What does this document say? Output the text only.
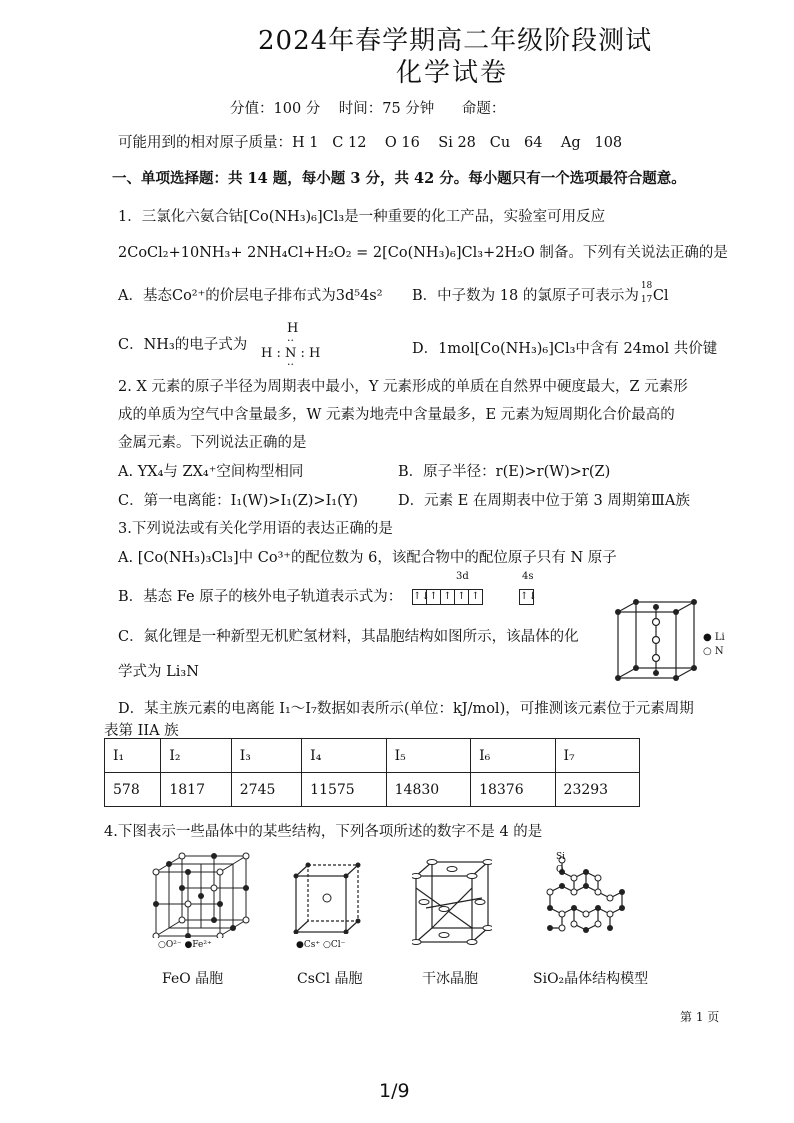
2024年春学期高二年级阶段测试
化学试卷
分值：100 分    时间：75 分钟      命题：
可能用到的相对原子质量：H 1   C 12    O 16    Si 28   Cu   64    Ag   108
一、单项选择题：共 14 题，每小题 3 分，共 42 分。每小题只有一个选项最符合题意。
1．三氯化六氨合钴[Co(NH₃)₆]Cl₃是一种重要的化工产品，实验室可用反应
2CoCl₂+10NH₃+ 2NH₄Cl+H₂O₂ = 2[Co(NH₃)₆]Cl₃+2H₂O 制备。下列有关说法正确的是
A．基态Co²⁺的价层电子排布式为3d⁵4s² B．中子数为 18 的氯原子可表示为
18
17 Cl
C．NH₃的电子式为
H
··
H : N : H
··
D．1mol[Co(NH₃)₆]Cl₃中含有 24mol 共价键
2. X 元素的原子半径为周期表中最小，Y 元素形成的单质在自然界中硬度最大，Z 元素形
成的单质为空气中含量最多，W 元素为地壳中含量最多，E 元素为短周期化合价最高的
金属元素。下列说法正确的是
A. YX₄与 ZX₄⁺空间构型相同	B．原子半径：r(E)>r(W)>r(Z)
C．第一电离能：I₁(W)>I₁(Z)>I₁(Y)	D．元素 E 在周期表中位于第 3 周期第ⅢA族
3.下列说法或有关化学用语的表达正确的是
A. [Co(NH₃)₃Cl₃]中 Co³⁺的配位数为 6，该配合物中的配位原子只有 N 原子
B．基态 Fe 原子的核外电子轨道表示式为：
3d	4s
↑↓↑ ↑ ↑ ↑	↑↓
C．氮化锂是一种新型无机贮氢材料，其晶胞结构如图所示，该晶体的化
学式为 Li₃N
● Li
○ N
D．某主族元素的电离能 I₁～I₇数据如表所示(单位：kJ/mol)，可推测该元素位于元素周期
表第 IIA 族
I₁	I₂	I₃	I₄	I₅	I₆	I₇
578	1817	2745	11575	14830	18376	23293
4.下图表示一些晶体中的某些结构，下列各项所述的数字不是 4 的是
○O²⁻ ●Fe²⁺	●Cs⁺ ○Cl⁻
Si
O
FeO 晶胞	CsCl 晶胞	干冰晶胞	SiO₂晶体结构模型
第 1 页
1/9
